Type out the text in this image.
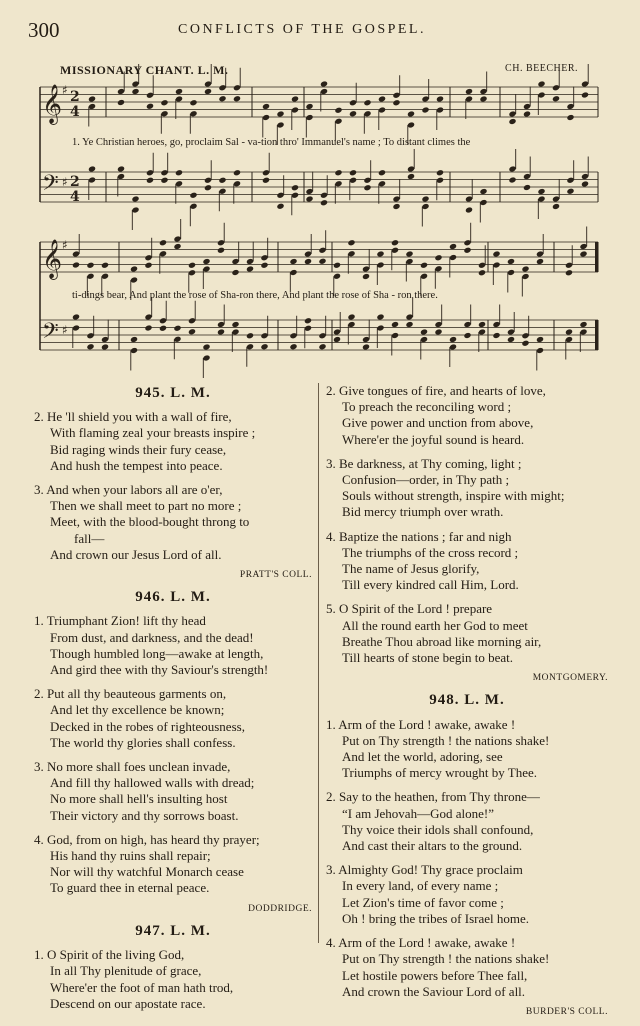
300	CONFLICTS OF THE GOSPEL.
MISSIONARY CHANT. L. M.	CH. BEECHER.
𝄞 ♯ 2
4
𝄢 ♯ 2
4
𝄞 ♯
𝄢 ♯
1. Ye Christian heroes, go, proclaim Sal - va-tion thro' Immanuel's name ; To distant climes the
ti-dings bear, And plant the rose of Sha-ron there, And plant the rose of Sha - ron there.
945. L. M.
2. He 'll shield you with a wall of fire,
With flaming zeal your breasts inspire ;
Bid raging winds their fury cease,
And hush the tempest into peace.
3. And when your labors all are o'er,
Then we shall meet to part no more ;
Meet, with the blood-bought throng to
fall—
And crown our Jesus Lord of all.
PRATT'S COLL.
946. L. M.
1. Triumphant Zion! lift thy head
From dust, and darkness, and the dead!
Though humbled long—awake at length,
And gird thee with thy Saviour's strength!
2. Put all thy beauteous garments on,
And let thy excellence be known;
Decked in the robes of righteousness,
The world thy glories shall confess.
3. No more shall foes unclean invade,
And fill thy hallowed walls with dread;
No more shall hell's insulting host
Their victory and thy sorrows boast.
4. God, from on high, has heard thy prayer;
His hand thy ruins shall repair;
Nor will thy watchful Monarch cease
To guard thee in eternal peace.
DODDRIDGE.
947. L. M.
1. O Spirit of the living God,
In all Thy plenitude of grace,
Where'er the foot of man hath trod,
Descend on our apostate race.
2. Give tongues of fire, and hearts of love,
To preach the reconciling word ;
Give power and unction from above,
Where'er the joyful sound is heard.
3. Be darkness, at Thy coming, light ;
Confusion—order, in Thy path ;
Souls without strength, inspire with might;
Bid mercy triumph over wrath.
4. Baptize the nations ; far and nigh
The triumphs of the cross record ;
The name of Jesus glorify,
Till every kindred call Him, Lord.
5. O Spirit of the Lord ! prepare
All the round earth her God to meet
Breathe Thou abroad like morning air,
Till hearts of stone begin to beat.
MONTGOMERY.
948. L. M.
1. Arm of the Lord ! awake, awake !
Put on Thy strength ! the nations shake!
And let the world, adoring, see
Triumphs of mercy wrought by Thee.
2. Say to the heathen, from Thy throne—
“I am Jehovah—God alone!”
Thy voice their idols shall confound,
And cast their altars to the ground.
3. Almighty God! Thy grace proclaim
In every land, of every name ;
Let Zion's time of favor come ;
Oh ! bring the tribes of Israel home.
4. Arm of the Lord ! awake, awake !
Put on Thy strength ! the nations shake!
Let hostile powers before Thee fall,
And crown the Saviour Lord of all.
BURDER'S COLL.
